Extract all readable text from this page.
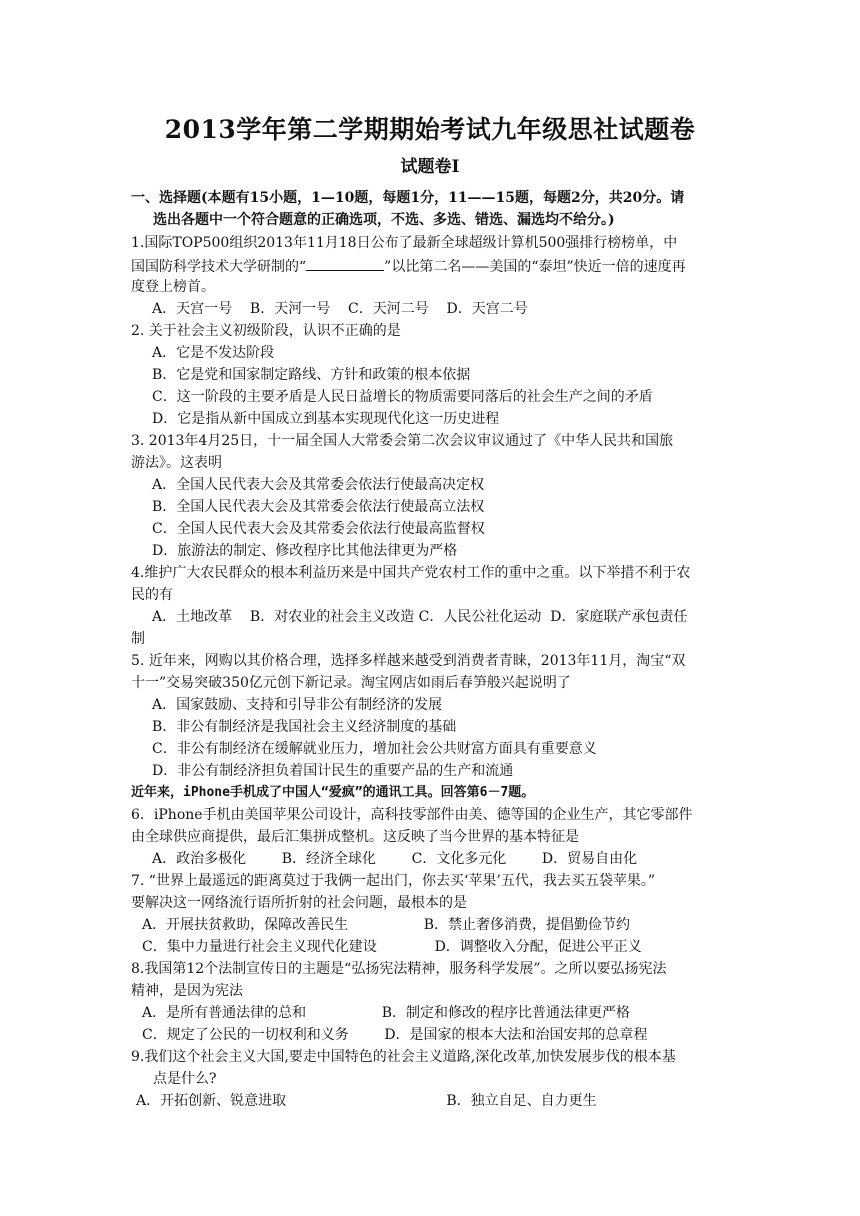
2013学年第二学期期始考试九年级思社试题卷
试题卷Ⅰ
一、选择题(本题有15小题，1—10题，每题1分，11——15题，每题2分，共20分。请
选出各题中一个符合题意的正确选项，不选、多选、错选、漏选均不给分。)
1.国际TOP500组织2013年11月18日公布了最新全球超级计算机500强排行榜榜单，中
国国防科学技术大学研制的“	”以比第二名——美国的“泰坦”快近一倍的速度再
度登上榜首。
A．天宫一号    B．天河一号    C．天河二号    D．天宫二号
2. 关于社会主义初级阶段，认识不正确的是
A．它是不发达阶段
B．它是党和国家制定路线、方针和政策的根本依据
C．这一阶段的主要矛盾是人民日益增长的物质需要同落后的社会生产之间的矛盾
D．它是指从新中国成立到基本实现现代化这一历史进程
3. 2013年4月25日，十一届全国人大常委会第二次会议审议通过了《中华人民共和国旅
游法》。这表明
A．全国人民代表大会及其常委会依法行使最高决定权
B．全国人民代表大会及其常委会依法行使最高立法权
C．全国人民代表大会及其常委会依法行使最高监督权
D．旅游法的制定、修改程序比其他法律更为严格
4.维护广大农民群众的根本利益历来是中国共产党农村工作的重中之重。以下举措不利于农
民的有
A．土地改革    B．对农业的社会主义改造 C．人民公社化运动  D．家庭联产承包责任
制
5. 近年来，网购以其价格合理，选择多样越来越受到消费者青睐，2013年11月，淘宝“双
十一”交易突破350亿元创下新记录。淘宝网店如雨后春笋般兴起说明了
A．国家鼓励、支持和引导非公有制经济的发展
B．非公有制经济是我国社会主义经济制度的基础
C．非公有制经济在缓解就业压力，增加社会公共财富方面具有重要意义
D．非公有制经济担负着国计民生的重要产品的生产和流通
近年来，iPhone手机成了中国人“爱疯”的通讯工具。回答第6－7题。
6．iPhone手机由美国苹果公司设计，高科技零部件由美、德等国的企业生产，其它零部件
由全球供应商提供，最后汇集拼成整机。这反映了当今世界的基本特征是
A．政治多极化        B．经济全球化        C．文化多元化        D．贸易自由化
7. “世界上最遥远的距离莫过于我俩一起出门，你去买‘苹果’五代，我去买五袋苹果。”
要解决这一网络流行语所折射的社会问题，最根本的是
A．开展扶贫救助，保障改善民生                 B．禁止奢侈消费，提倡勤俭节约
C．集中力量进行社会主义现代化建设             D．调整收入分配，促进公平正义
8.我国第12个法制宣传日的主题是“弘扬宪法精神，服务科学发展”。之所以要弘扬宪法
精神，是因为宪法
A．是所有普通法律的总和                 B．制定和修改的程序比普通法律更严格
C．规定了公民的一切权利和义务        D．是国家的根本大法和治国安邦的总章程
9.我们这个社会主义大国,要走中国特色的社会主义道路,深化改革,加快发展步伐的根本基
点是什么?
A．开拓创新、锐意进取                                    B．独立自足、自力更生
